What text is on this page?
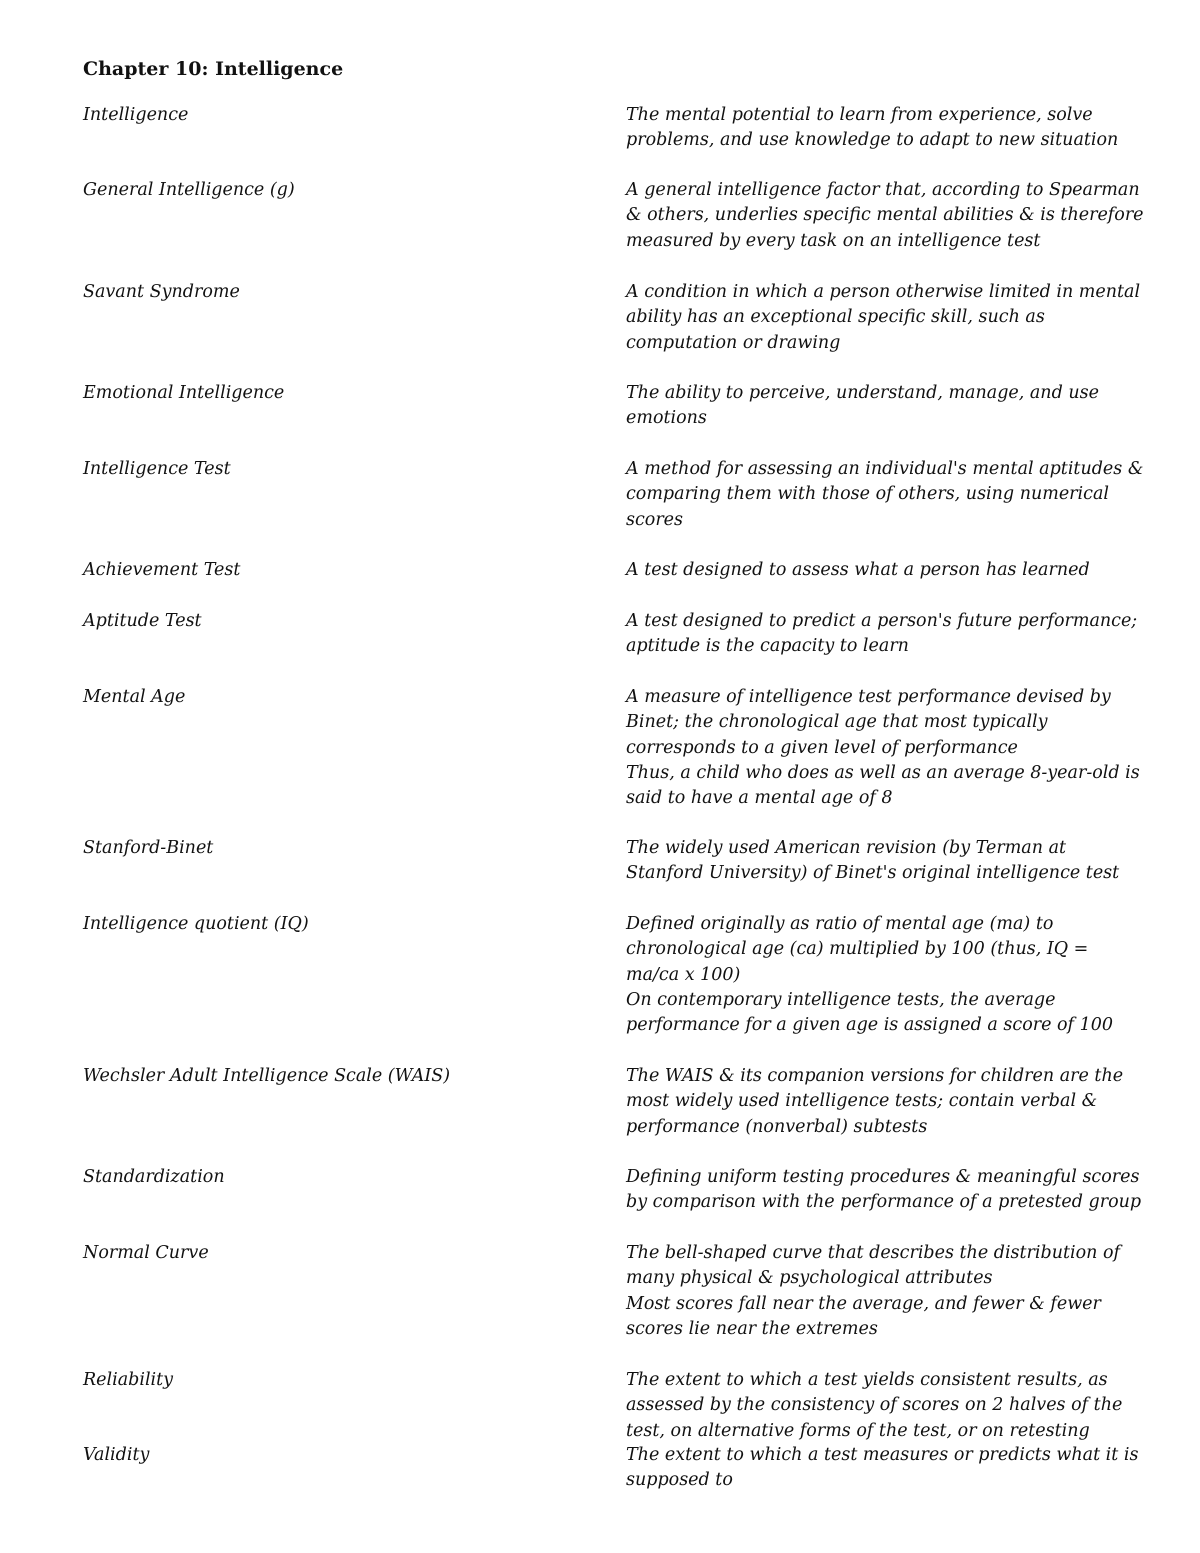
Chapter 10: Intelligence
Intelligence	The mental potential to learn from experience, solve
problems, and use knowledge to adapt to new situation
General Intelligence (g)	A general intelligence factor that, according to Spearman
& others, underlies specific mental abilities & is therefore
measured by every task on an intelligence test
Savant Syndrome	A condition in which a person otherwise limited in mental
ability has an exceptional specific skill, such as
computation or drawing
Emotional Intelligence	The ability to perceive, understand, manage, and use
emotions
Intelligence Test	A method for assessing an individual's mental aptitudes &
comparing them with those of others, using numerical
scores
Achievement Test	A test designed to assess what a person has learned
Aptitude Test	A test designed to predict a person's future performance;
aptitude is the capacity to learn
Mental Age	A measure of intelligence test performance devised by
Binet; the chronological age that most typically
corresponds to a given level of performance
Thus, a child who does as well as an average 8-year-old is
said to have a mental age of 8
Stanford-Binet	The widely used American revision (by Terman at
Stanford University) of Binet's original intelligence test
Intelligence quotient (IQ)	Defined originally as ratio of mental age (ma) to
chronological age (ca) multiplied by 100 (thus, IQ =
ma/ca x 100)
On contemporary intelligence tests, the average
performance for a given age is assigned a score of 100
Wechsler Adult Intelligence Scale (WAIS)	The WAIS & its companion versions for children are the
most widely used intelligence tests; contain verbal &
performance (nonverbal) subtests
Standardization	Defining uniform testing procedures & meaningful scores
by comparison with the performance of a pretested group
Normal Curve	The bell-shaped curve that describes the distribution of
many physical & psychological attributes
Most scores fall near the average, and fewer & fewer
scores lie near the extremes
Reliability	The extent to which a test yields consistent results, as
assessed by the consistency of scores on 2 halves of the
test, on alternative forms of the test, or on retesting
Validity	The extent to which a test measures or predicts what it is
supposed to
